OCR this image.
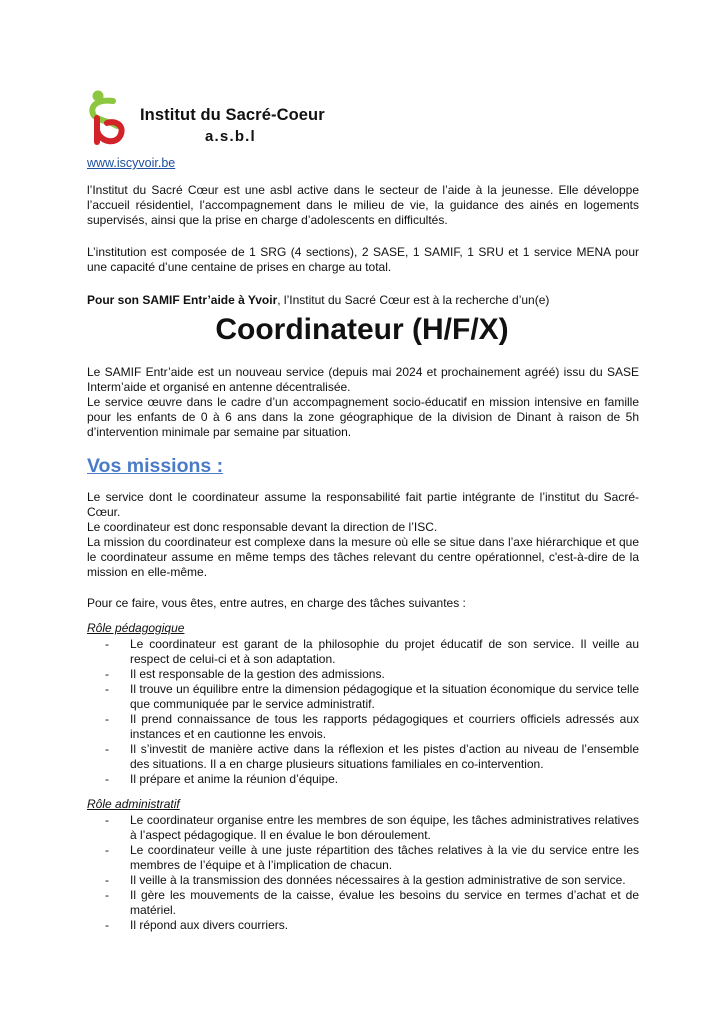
Institut du Sacré-Coeur
a.s.b.l
www.iscyvoir.be
l’Institut du Sacré Cœur est une asbl active dans le secteur de l’aide à la jeunesse. Elle développe l’accueil résidentiel, l’accompagnement dans le milieu de vie, la guidance des ainés en logements supervisés, ainsi que la prise en charge d’adolescents en difficultés.
L’institution est composée de 1 SRG (4 sections), 2 SASE, 1 SAMIF, 1 SRU et 1 service MENA pour une capacité d’une centaine de prises en charge au total.
Pour son SAMIF Entr’aide à Yvoir, l’Institut du Sacré Cœur est à la recherche d’un(e)
Coordinateur (H/F/X)
Le SAMIF Entr’aide est un nouveau service (depuis mai 2024 et prochainement agréé) issu du SASE Interm’aide et organisé en antenne décentralisée.
Le service œuvre dans le cadre d’un accompagnement socio-éducatif en mission intensive en famille pour les enfants de 0 à 6 ans dans la zone géographique de la division de Dinant à raison de 5h d’intervention minimale par semaine par situation.
Vos missions :
Le service dont le coordinateur assume la responsabilité fait partie intégrante de l’institut du Sacré-Cœur.
Le coordinateur est donc responsable devant la direction de l’ISC.
La mission du coordinateur est complexe dans la mesure où elle se situe dans l’axe hiérarchique et que le coordinateur assume en même temps des tâches relevant du centre opérationnel, c'est-à-dire de la mission en elle-même.
Pour ce faire, vous êtes, entre autres, en charge des tâches suivantes :
Rôle pédagogique
- Le coordinateur est garant de la philosophie du projet éducatif de son service. Il veille au respect de celui-ci et à son adaptation.
- Il est responsable de la gestion des admissions.
- Il trouve un équilibre entre la dimension pédagogique et la situation économique du service telle que communiquée par le service administratif.
- Il prend connaissance de tous les rapports pédagogiques et courriers officiels adressés aux instances et en cautionne les envois.
- Il s’investit de manière active dans la réflexion et les pistes d’action au niveau de l’ensemble des situations. Il a en charge plusieurs situations familiales en co-intervention.
- Il prépare et anime la réunion d’équipe.
Rôle administratif
- Le coordinateur organise entre les membres de son équipe, les tâches administratives relatives à l’aspect pédagogique. Il en évalue le bon déroulement.
- Le coordinateur veille à une juste répartition des tâches relatives à la vie du service entre les membres de l’équipe et à l’implication de chacun.
- Il veille à la transmission des données nécessaires à la gestion administrative de son service.
- Il gère les mouvements de la caisse, évalue les besoins du service en termes d’achat et de matériel.
- Il répond aux divers courriers.
